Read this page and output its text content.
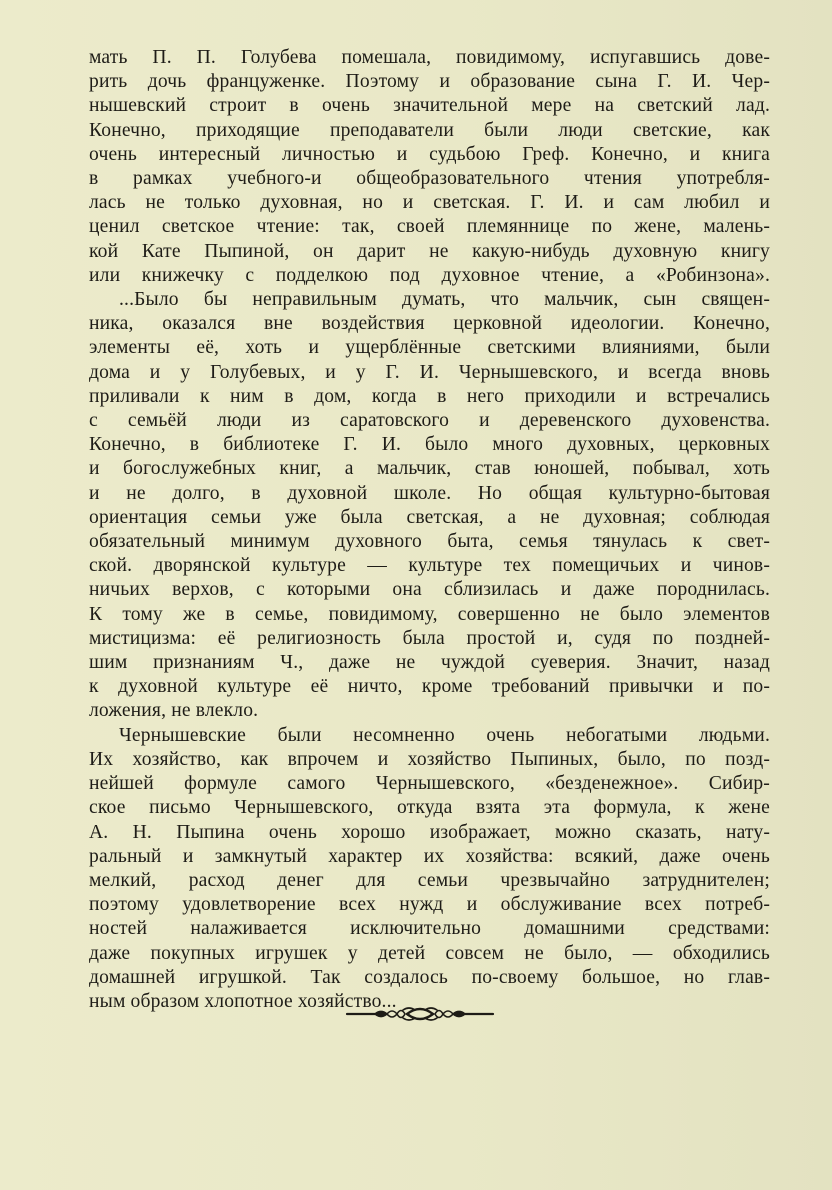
мать П. П. Голубева помешала, повидимому, испугавшись дове-
рить дочь француженке. Поэтому и образование сына Г. И. Чер-
нышевский строит в очень значительной мере на светский лад.
Конечно, приходящие преподаватели были люди светские, как
очень интересный личностью и судьбою Греф. Конечно, и книга
в рамках учебного-и общеобразовательного чтения употребля-
лась не только духовная, но и светская. Г. И. и сам любил и
ценил светское чтение: так, своей племяннице по жене, малень-
кой Кате Пыпиной, он дарит не какую-нибудь духовную книгу
или книжечку с подделкою под духовное чтение, а «Робинзона».
...Было бы неправильным думать, что мальчик, сын священ-
ника, оказался вне воздействия церковной идеологии. Конечно,
элементы её, хоть и ущерблённые светскими влияниями, были
дома и у Голубевых, и у Г. И. Чернышевского, и всегда вновь
приливали к ним в дом, когда в него приходили и встречались
с семьёй люди из саратовского и деревенского духовенства.
Конечно, в библиотеке Г. И. было много духовных, церковных
и богослужебных книг, а мальчик, став юношей, побывал, хоть
и не долго, в духовной школе. Но общая культурно-бытовая
ориентация семьи уже была светская, а не духовная; соблюдая
обязательный минимум духовного быта, семья тянулась к свет-
ской. дворянской культуре — культуре тех помещичьих и чинов-
ничьих верхов, с которыми она сблизилась и даже породнилась.
К тому же в семье, повидимому, совершенно не было элементов
мистицизма: её религиозность была простой и, судя по поздней-
шим признаниям Ч., даже не чуждой суеверия. Значит, назад
к духовной культуре её ничто, кроме требований привычки и по-
ложения, не влекло.
Чернышевские были несомненно очень небогатыми людьми.
Их хозяйство, как впрочем и хозяйство Пыпиных, было, по позд-
нейшей формуле самого Чернышевского, «безденежное». Сибир-
ское письмо Чернышевского, откуда взята эта формула, к жене
А. Н. Пыпина очень хорошо изображает, можно сказать, нату-
ральный и замкнутый характер их хозяйства: всякий, даже очень
мелкий, расход денег для семьи чрезвычайно затруднителен;
поэтому удовлетворение всех нужд и обслуживание всех потреб-
ностей налаживается исключительно домашними средствами:
даже покупных игрушек у детей совсем не было, — обходились
домашней игрушкой. Так создалось по-своему большое, но глав-
ным образом хлопотное хозяйство...
